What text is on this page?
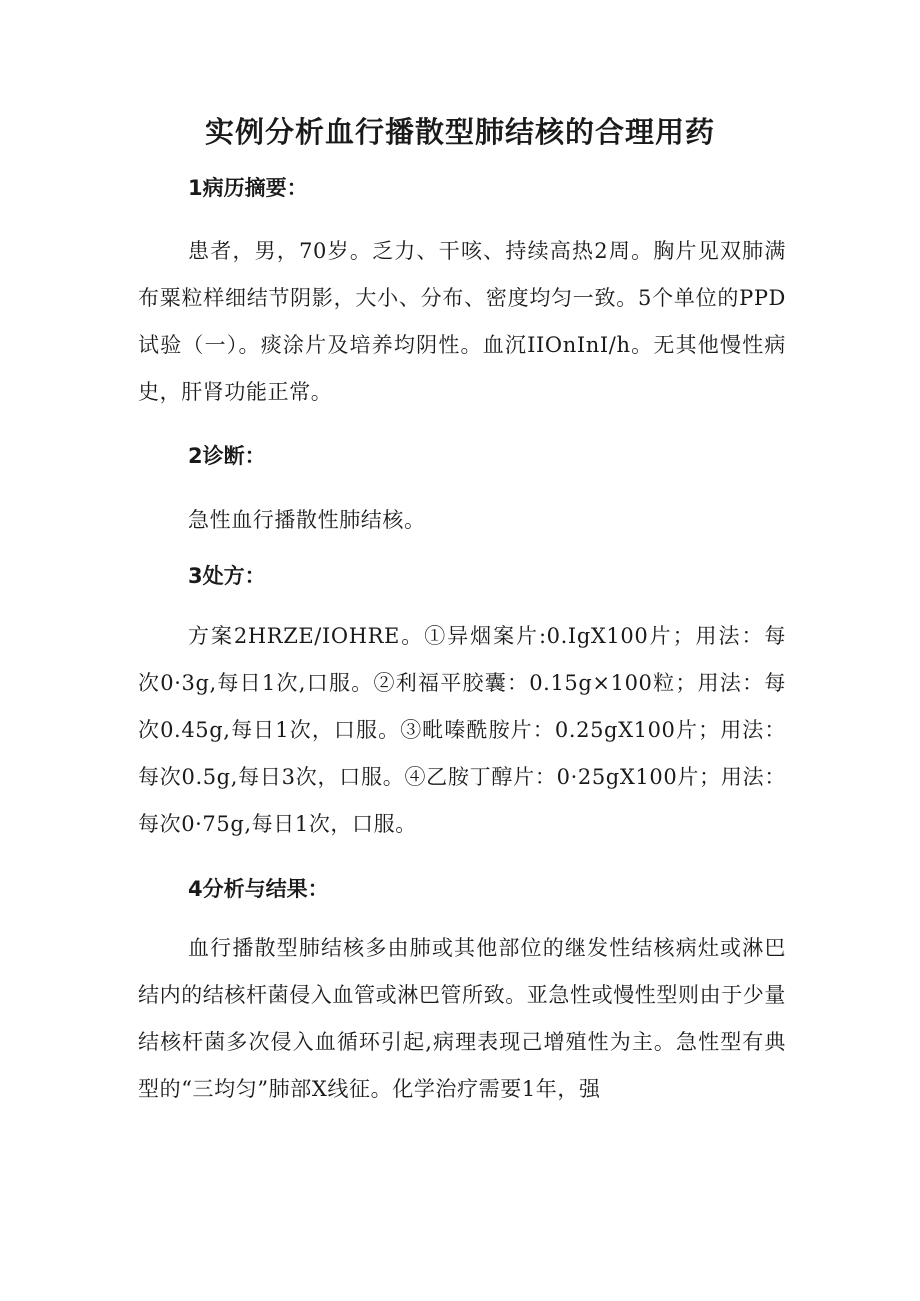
实例分析血行播散型肺结核的合理用药
1病历摘要：

患者，男，70岁。乏力、干咳、持续高热2周。胸片见双肺满布粟粒样细结节阴影，大小、分布、密度均匀一致。5个单位的PPD试验（一）。痰涂片及培养均阴性。血沉IIOnInI/h。无其他慢性病史，肝肾功能正常。

2诊断：

急性血行播散性肺结核。

3处方：

方案2HRZE/IOHRE。①异烟案片:0.IgX100片；用法：每次0·3g,每日1次,口服。②利福平胶囊：0.15g×100粒；用法：每次0.45g,每日1次，口服。③毗嗪酰胺片：0.25gX100片；用法：每次0.5g,每日3次，口服。④乙胺丁醇片：0·25gX100片；用法：每次0·75g,每日1次，口服。

4分析与结果：

血行播散型肺结核多由肺或其他部位的继发性结核病灶或淋巴结内的结核杆菌侵入血管或淋巴管所致。亚急性或慢性型则由于少量结核杆菌多次侵入血循环引起,病理表现己增殖性为主。急性型有典型的“三均匀”肺部X线征。化学治疗需要1年，强
